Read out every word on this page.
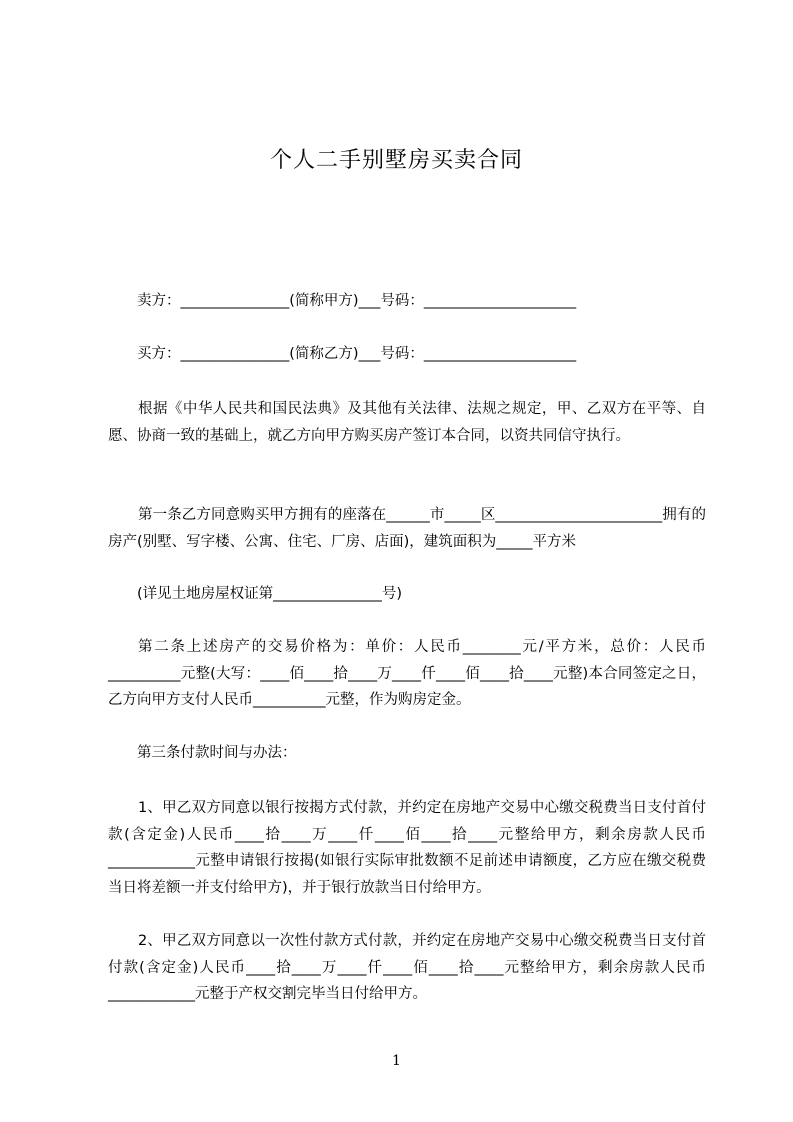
个人二手别墅房买卖合同

卖方：_______________(简称甲方)___号码：_____________________

买方：_______________(简称乙方)___号码：_____________________

根据《中华人民共和国民法典》及其他有关法律、法规之规定，甲、乙双方在平等、自愿、协商一致的基础上，就乙方向甲方购买房产签订本合同，以资共同信守执行。

第一条乙方同意购买甲方拥有的座落在______市_____区_______________________拥有的房产(别墅、写字楼、公寓、住宅、厂房、店面)，建筑面积为_____平方米

(详见土地房屋权证第_______________号)

第二条上述房产的交易价格为：单价：人民币________元/平方米，总价：人民币__________元整(大写：____佰____拾____万____仟____佰____拾____元整)本合同签定之日，乙方向甲方支付人民币__________元整，作为购房定金。

第三条付款时间与办法：

1、甲乙双方同意以银行按揭方式付款，并约定在房地产交易中心缴交税费当日支付首付款(含定金)人民币____拾____万____仟____佰____拾____元整给甲方，剩余房款人民币____________元整申请银行按揭(如银行实际审批数额不足前述申请额度，乙方应在缴交税费当日将差额一并支付给甲方)，并于银行放款当日付给甲方。

2、甲乙双方同意以一次性付款方式付款，并约定在房地产交易中心缴交税费当日支付首付款(含定金)人民币____拾____万____仟____佰____拾____元整给甲方，剩余房款人民币____________元整于产权交割完毕当日付给甲方。

1
